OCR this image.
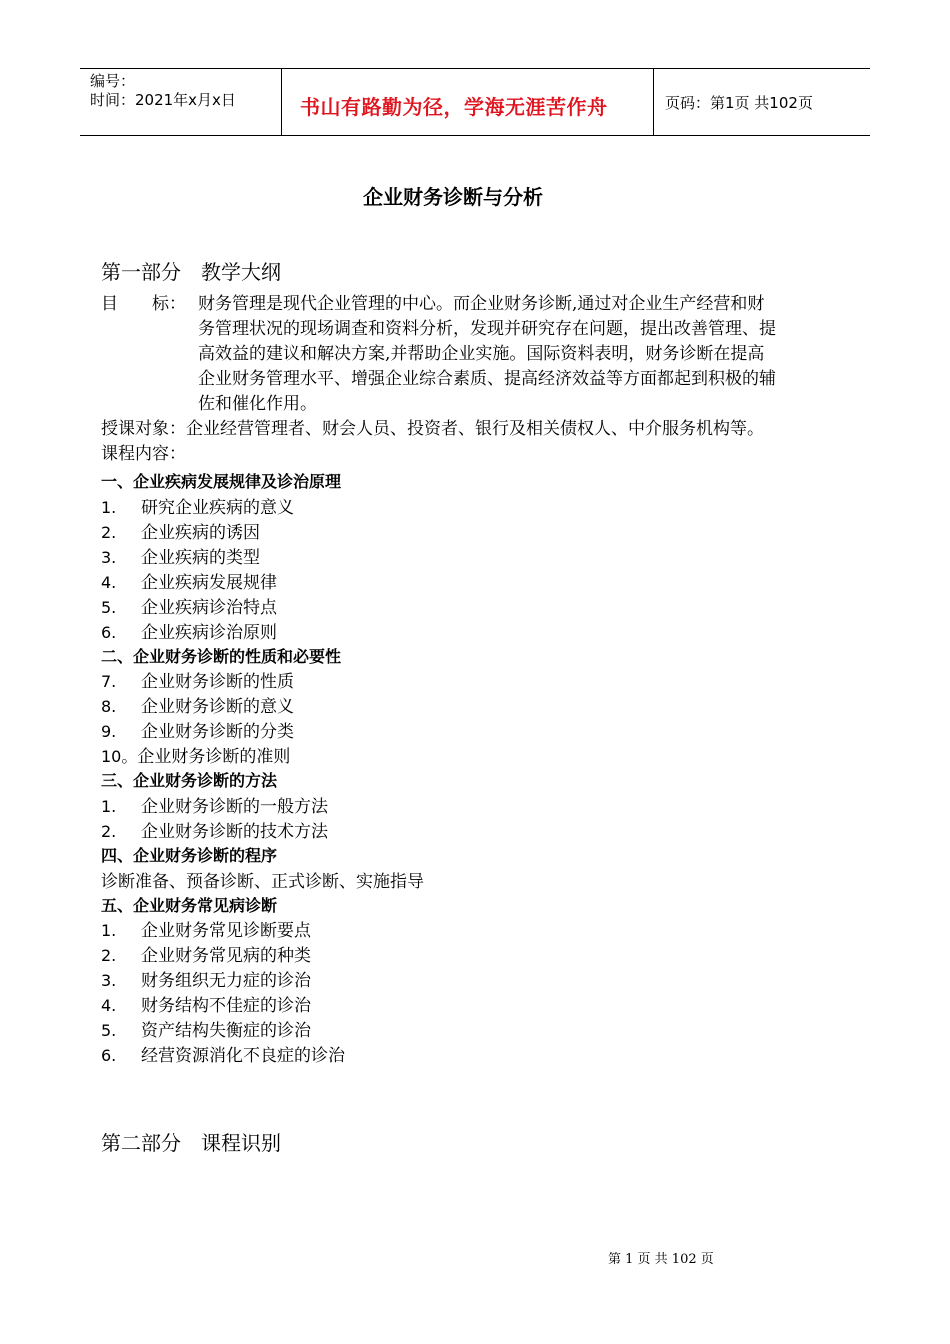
编号：
时间：2021年x月x日	书山有路勤为径，学海无涯苦作舟	页码：第1页 共102页
企业财务诊断与分析
第一部分　教学大纲
目　　标： 财务管理是现代企业管理的中心。而企业财务诊断,通过对企业生产经营和财
务管理状况的现场调查和资料分析，发现并研究存在问题，提出改善管理、提
高效益的建议和解决方案,并帮助企业实施。国际资料表明，财务诊断在提高
企业财务管理水平、增强企业综合素质、提高经济效益等方面都起到积极的辅
佐和催化作用。
授课对象：企业经营管理者、财会人员、投资者、银行及相关债权人、中介服务机构等。
课程内容：
一、企业疾病发展规律及诊治原理
1. 研究企业疾病的意义
2. 企业疾病的诱因
3. 企业疾病的类型
4. 企业疾病发展规律
5. 企业疾病诊治特点
6. 企业疾病诊治原则
二、企业财务诊断的性质和必要性
7. 企业财务诊断的性质
8. 企业财务诊断的意义
9. 企业财务诊断的分类
10。企业财务诊断的准则
三、企业财务诊断的方法
1. 企业财务诊断的一般方法
2. 企业财务诊断的技术方法
四、企业财务诊断的程序
诊断准备、预备诊断、正式诊断、实施指导
五、企业财务常见病诊断
1. 企业财务常见诊断要点
2. 企业财务常见病的种类
3. 财务组织无力症的诊治
4. 财务结构不佳症的诊治
5. 资产结构失衡症的诊治
6. 经营资源消化不良症的诊治
第二部分　课程识别
第 1 页 共 102 页
